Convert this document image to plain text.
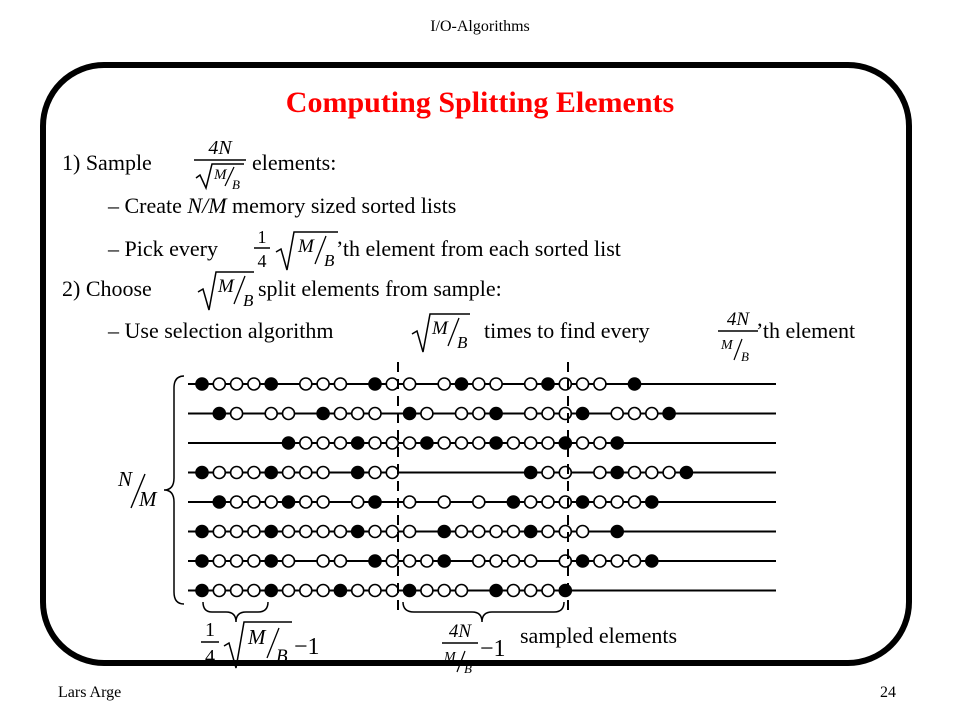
I/O-Algorithms
Computing Splitting Elements
1) Sample
4N
M
B
elements:
– Create N/M memory sized sorted lists
– Pick every 1
4
M
B ’th element from each sorted list
2) Choose	M
B split elements from sample:
– Use selection algorithm	M
B times to find every	4N
M
B
’th element
N
M
1
4
M
B −1
4N
M
B
−1
sampled elements
Lars Arge	24
